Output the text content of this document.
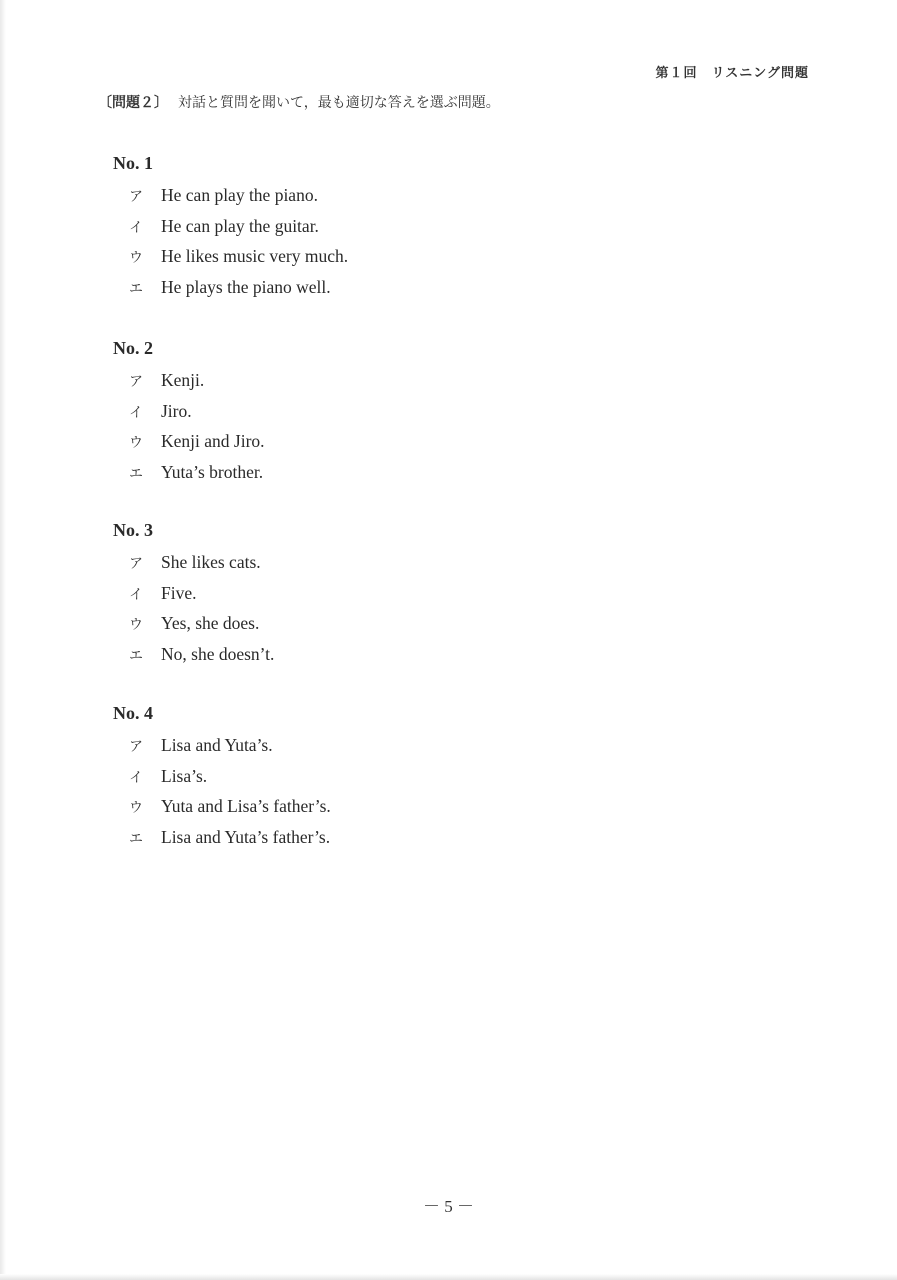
第１回　リスニング問題
〔問題２〕 対話と質問を聞いて，最も適切な答えを選ぶ問題。
No. 1
ア He can play the piano.
イ He can play the guitar.
ウ He likes music very much.
エ He plays the piano well.
No. 2
ア Kenji.
イ Jiro.
ウ Kenji and Jiro.
エ Yuta’s brother.
No. 3
ア She likes cats.
イ Five.
ウ Yes, she does.
エ No, she doesn’t.
No. 4
ア Lisa and Yuta’s.
イ Lisa’s.
ウ Yuta and Lisa’s father’s.
エ Lisa and Yuta’s father’s.
－ 5 －
